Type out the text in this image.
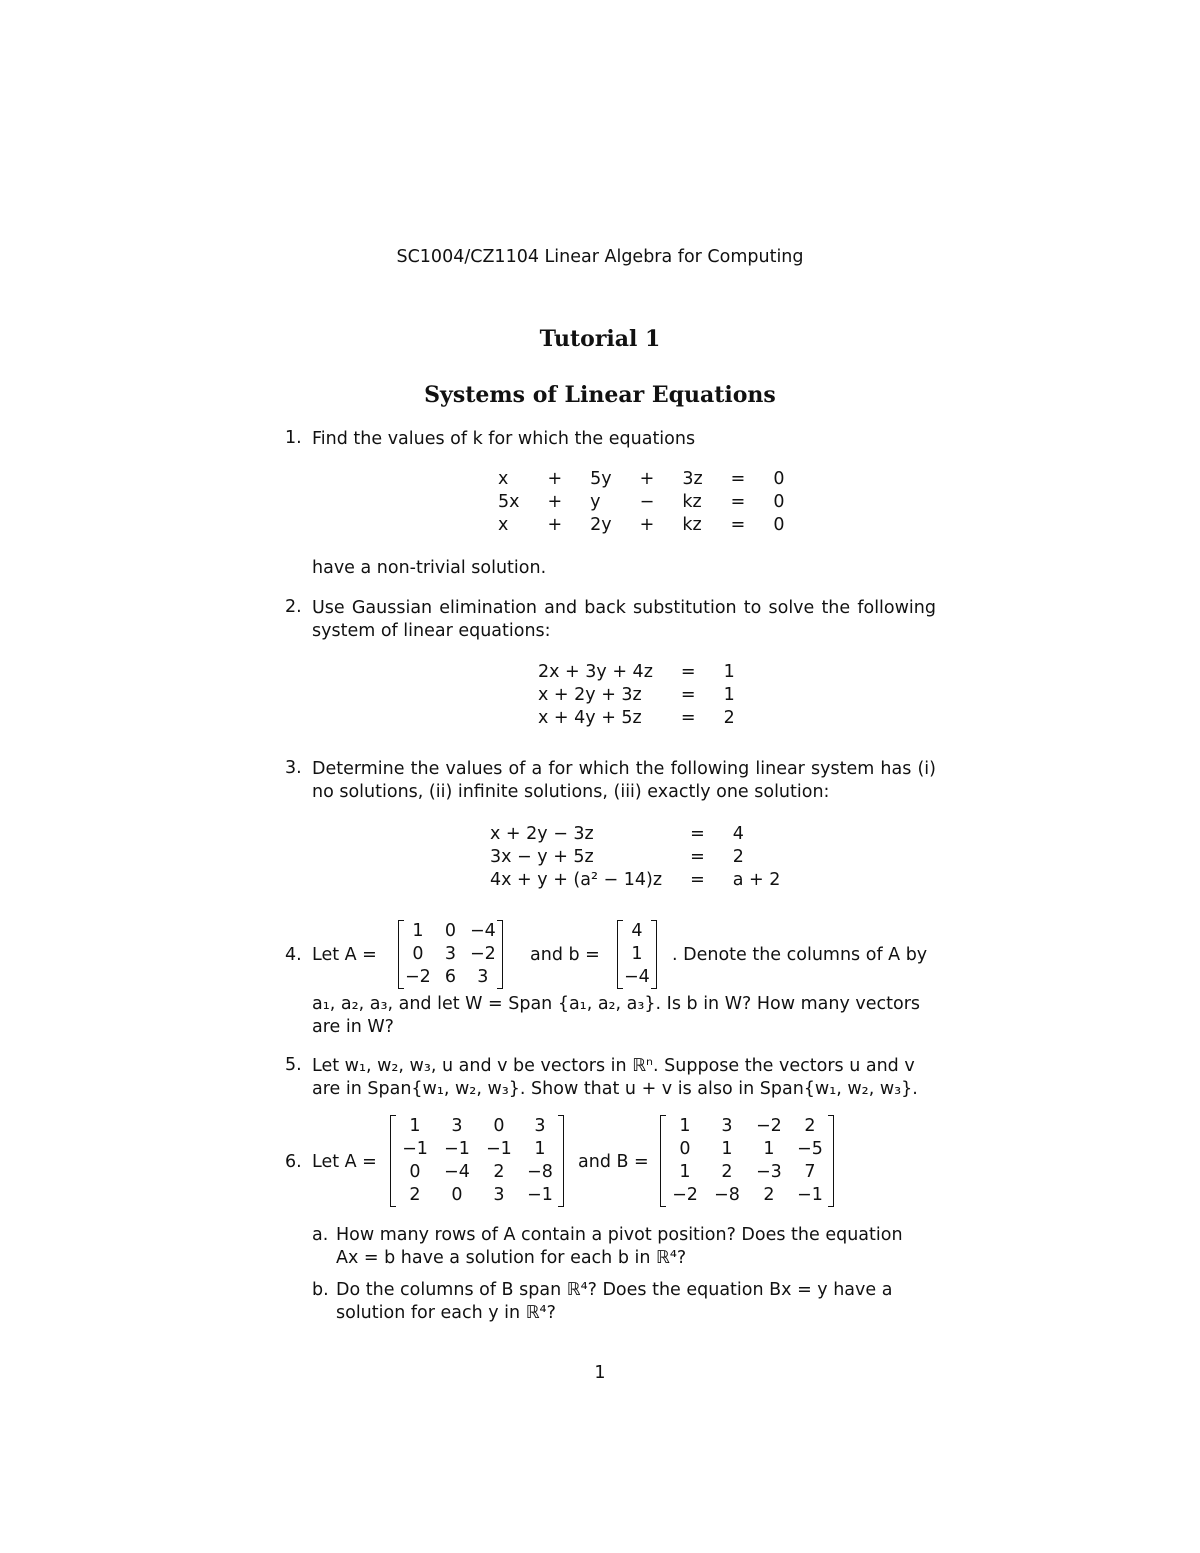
SC1004/CZ1104 Linear Algebra for Computing
Tutorial 1
Systems of Linear Equations
1. Find the values of k for which the equations
x	+	5y	+	3z	=	0
5x	+	y	−	kz	=	0
x	+	2y	+	kz	=	0
have a non-trivial solution.
2. Use Gaussian elimination and back substitution to solve the following system of linear equations:
2x + 3y + 4z	=	1
x + 2y + 3z	=	1
x + 4y + 5z	=	2
3. Determine the values of a for which the following linear system has (i) no solutions, (ii) infinite solutions, (iii) exactly one solution:
x + 2y − 3z	=	4
3x − y + 5z	=	2
4x + y + (a² − 14)z	=	a + 2
4. Let A =
1	0	−4
0	3	−2
−2	6	3
and b =
4
1
−4
. Denote the columns of A by
a₁, a₂, a₃, and let W = Span {a₁, a₂, a₃}. Is b in W? How many vectors
are in W?
5. Let w₁, w₂, w₃, u and v be vectors in ℝⁿ. Suppose the vectors u and v
are in Span{w₁, w₂, w₃}. Show that u + v is also in Span{w₁, w₂, w₃}.
6. Let A =
1	3	0	3
−1	−1	−1	1
0	−4	2	−8
2	0	3	−1
and B =
1	3	−2	2
0	1	1	−5
1	2	−3	7
−2	−8	2	−1
a. How many rows of A contain a pivot position? Does the equation
Ax = b have a solution for each b in ℝ⁴?
b. Do the columns of B span ℝ⁴? Does the equation Bx = y have a
solution for each y in ℝ⁴?
1
